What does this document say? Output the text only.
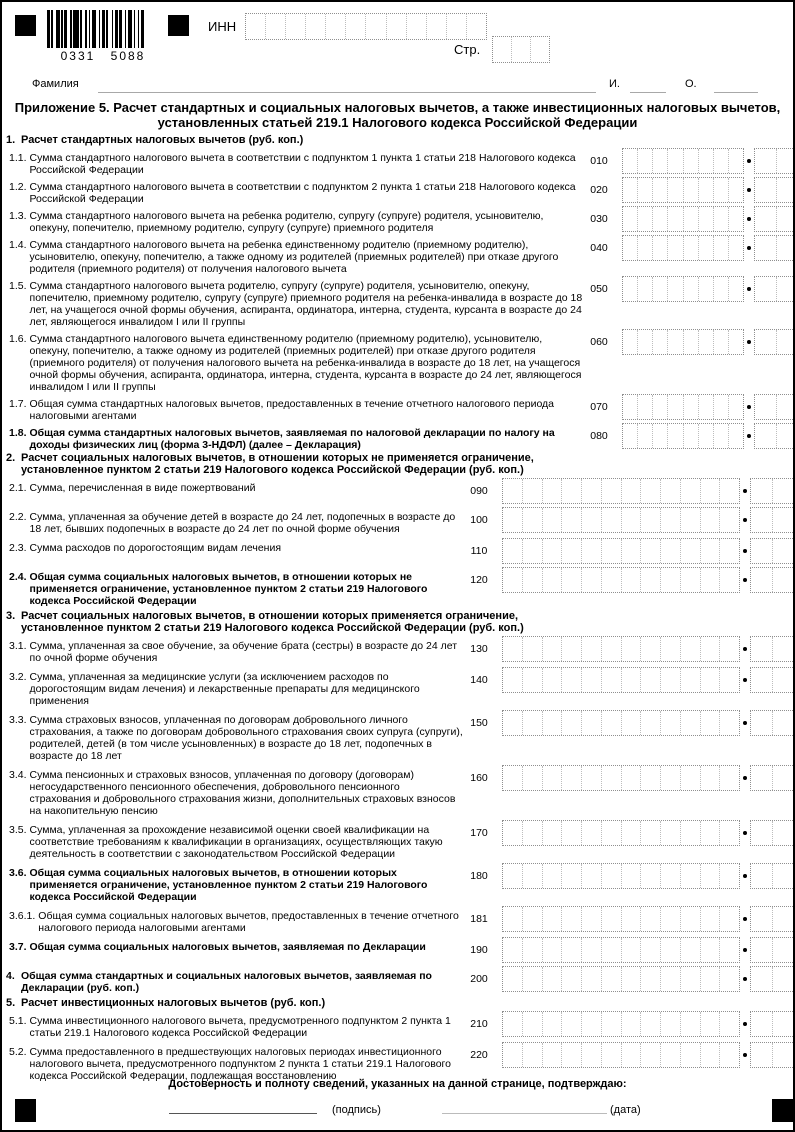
0331 5088
ИНН
Стр.
Фамилия	И.	О.
Приложение 5. Расчет стандартных и социальных налоговых вычетов, а также инвестиционных налоговых вычетов, установленных статьей 219.1 Налогового кодекса Российской Федерации
1. Расчет стандартных налоговых вычетов (руб. коп.)
1.1. Сумма стандартного налогового вычета в соответствии с подпунктом 1 пункта 1 статьи 218 Налогового кодекса Российской Федерации
010
1.2. Сумма стандартного налогового вычета в соответствии с подпунктом 2 пункта 1 статьи 218 Налогового кодекса Российской Федерации
020
1.3. Сумма стандартного налогового вычета на ребенка родителю, супругу (супруге) родителя, усыновителю, опекуну, попечителю, приемному родителю, супругу (супруге) приемного родителя
030
1.4. Сумма стандартного налогового вычета на ребенка единственному родителю (приемному родителю), усыновителю, опекуну, попечителю, а также одному из родителей (приемных родителей) при отказе другого родителя (приемного родителя) от получения налогового вычета
040
1.5. Сумма стандартного налогового вычета родителю, супругу (супруге) родителя, усыновителю, опекуну, попечителю, приемному родителю, супругу (супруге) приемного родителя на ребенка-инвалида в возрасте до 18 лет, на учащегося очной формы обучения, аспиранта, ординатора, интерна, студента, курсанта в возрасте до 24 лет, являющегося инвалидом I или II группы
050
1.6. Сумма стандартного налогового вычета единственному родителю (приемному родителю), усыновителю, опекуну, попечителю, а также одному из родителей (приемных родителей) при отказе другого родителя (приемного родителя) от получения налогового вычета на ребенка-инвалида в возрасте до 18 лет, на учащегося очной формы обучения, аспиранта, ординатора, интерна, студента, курсанта в возрасте до 24 лет, являющегося инвалидом I или II группы
060
1.7. Общая сумма стандартных налоговых вычетов, предоставленных в течение отчетного налогового периода налоговыми агентами
070
1.8. Общая сумма стандартных налоговых вычетов, заявляемая по налоговой декларации по налогу на доходы физических лиц (форма 3-НДФЛ) (далее – Декларация)
080
2. Расчет социальных налоговых вычетов, в отношении которых не применяется ограничение, установленное пунктом 2 статьи 219 Налогового кодекса Российской Федерации (руб. коп.)
2.1. Сумма, перечисленная в виде пожертвований	090
2.2. Сумма, уплаченная за обучение детей в возрасте до 24 лет, подопечных в возрасте до 18 лет, бывших подопечных в возрасте до 24 лет по очной форме обучения
100
2.3. Сумма расходов по дорогостоящим видам лечения	110
2.4. Общая сумма социальных налоговых вычетов, в отношении которых не применяется ограничение, установленное пунктом 2 статьи 219 Налогового кодекса Российской Федерации
120
3. Расчет социальных налоговых вычетов, в отношении которых применяется ограничение, установленное пунктом 2 статьи 219 Налогового кодекса Российской Федерации (руб. коп.)
3.1. Сумма, уплаченная за свое обучение, за обучение брата (сестры) в возрасте до 24 лет по очной форме обучения
130
3.2. Сумма, уплаченная за медицинские услуги (за исключением расходов по дорогостоящим видам лечения) и лекарственные препараты для медицинского применения
140
3.3. Сумма страховых взносов, уплаченная по договорам добровольного личного страхования, а также по договорам добровольного страхования своих супруга (супруги), родителей, детей (в том числе усыновленных) в возрасте до 18 лет, подопечных в возрасте до 18 лет
150
3.4. Сумма пенсионных и страховых взносов, уплаченная по договору (договорам) негосударственного пенсионного обеспечения, добровольного пенсионного страхования и добровольного страхования жизни, дополнительных страховых взносов на накопительную пенсию
160
3.5. Сумма, уплаченная за прохождение независимой оценки своей квалификации на соответствие требованиям к квалификации в организациях, осуществляющих такую деятельность в соответствии с законодательством Российской Федерации
170
3.6. Общая сумма социальных налоговых вычетов, в отношении которых применяется ограничение, установленное пунктом 2 статьи 219 Налогового кодекса Российской Федерации
180
3.6.1. Общая сумма социальных налоговых вычетов, предоставленных в течение отчетного налогового периода налоговыми агентами
181
3.7. Общая сумма социальных налоговых вычетов, заявляемая по Декларации	190
4. Общая сумма стандартных и социальных налоговых вычетов, заявляемая по Декларации (руб. коп.)
200
5. Расчет инвестиционных налоговых вычетов (руб. коп.)
5.1. Сумма инвестиционного налогового вычета, предусмотренного подпунктом 2 пункта 1 статьи 219.1 Налогового кодекса Российской Федерации
210
5.2. Сумма предоставленного в предшествующих налоговых периодах инвестиционного налогового вычета, предусмотренного подпунктом 2 пункта 1 статьи 219.1 Налогового кодекса Российской Федерации, подлежащая восстановлению
220
Достоверность и полноту сведений, указанных на данной странице, подтверждаю:
(подпись)	(дата)
